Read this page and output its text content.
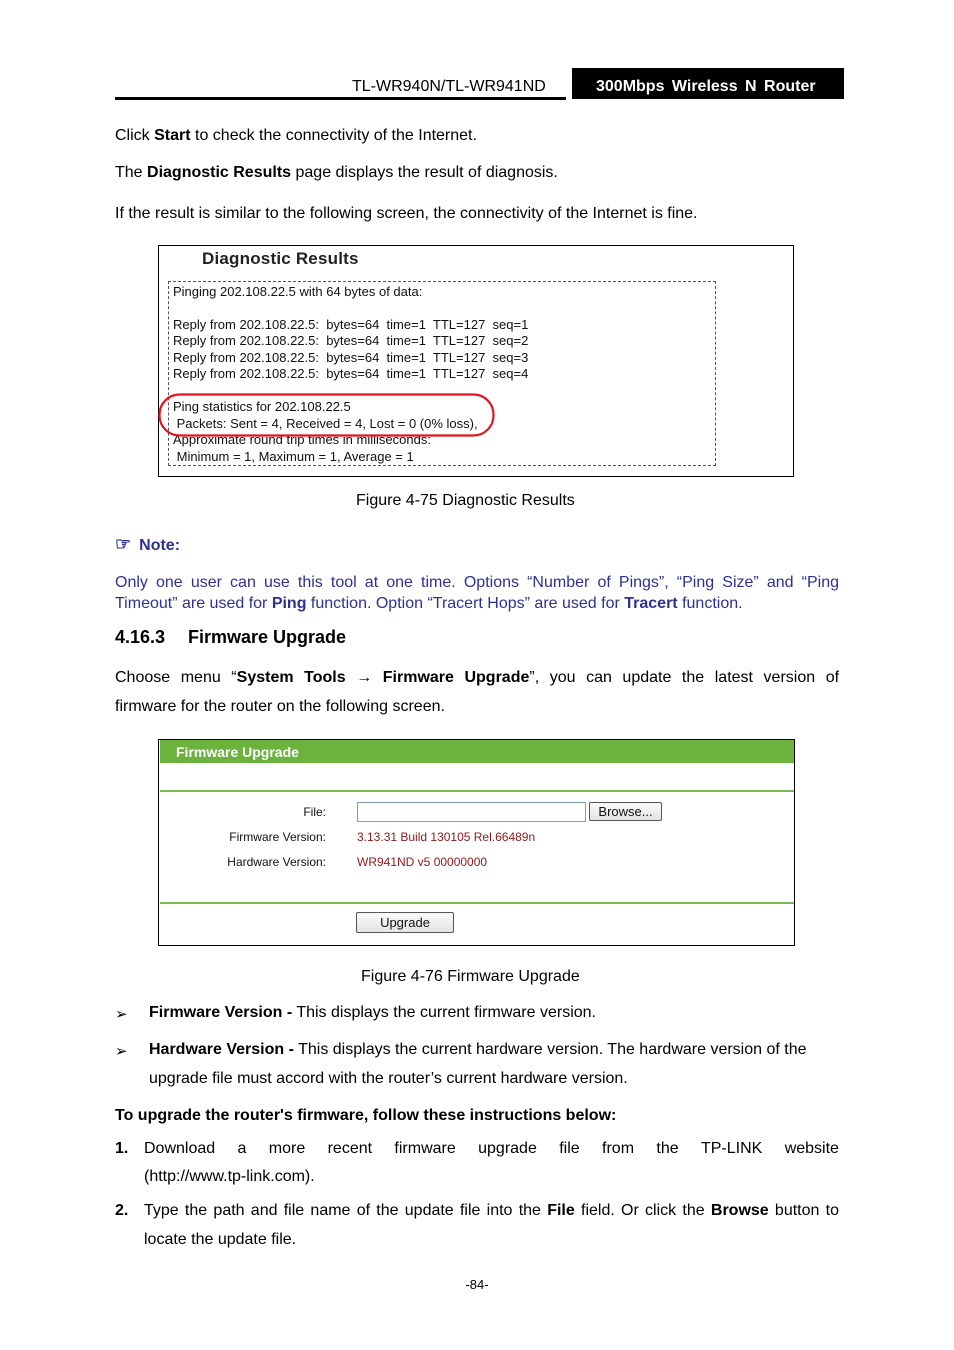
TL-WR940N/TL-WR941ND	300Mbps Wireless N Router
Click Start to check the connectivity of the Internet.
The Diagnostic Results page displays the result of diagnosis.
If the result is similar to the following screen, the connectivity of the Internet is fine.
Diagnostic Results
Pinging 202.108.22.5 with 64 bytes of data:
Reply from 202.108.22.5:  bytes=64  time=1  TTL=127  seq=1
Reply from 202.108.22.5:  bytes=64  time=1  TTL=127  seq=2
Reply from 202.108.22.5:  bytes=64  time=1  TTL=127  seq=3
Reply from 202.108.22.5:  bytes=64  time=1  TTL=127  seq=4
Ping statistics for 202.108.22.5
Packets: Sent = 4, Received = 4, Lost = 0 (0% loss),
Approximate round trip times in milliseconds:
Minimum = 1, Maximum = 1, Average = 1
Figure 4-75 Diagnostic Results
☞ Note:
Only one user can use this tool at one time. Options “Number of Pings”, “Ping Size” and “Ping
Timeout” are used for Ping function. Option “Tracert Hops” are used for Tracert function.
4.16.3 Firmware Upgrade
Choose menu “System Tools → Firmware Upgrade”, you can update the latest version of
firmware for the router on the following screen.
Firmware Upgrade
File:	Browse...
Firmware Version:	3.13.31 Build 130105 Rel.66489n
Hardware Version:	WR941ND v5 00000000
Upgrade
Figure 4-76 Firmware Upgrade
➢ Firmware Version - This displays the current firmware version.
➢ Hardware Version - This displays the current hardware version. The hardware version of the
upgrade file must accord with the router’s current hardware version.
To upgrade the router's firmware, follow these instructions below:
1. Download a more recent firmware upgrade file from the TP-LINK website
(http://www.tp-link.com).
2. Type the path and file name of the update file into the File field. Or click the Browse button to
locate the update file.
-84-
